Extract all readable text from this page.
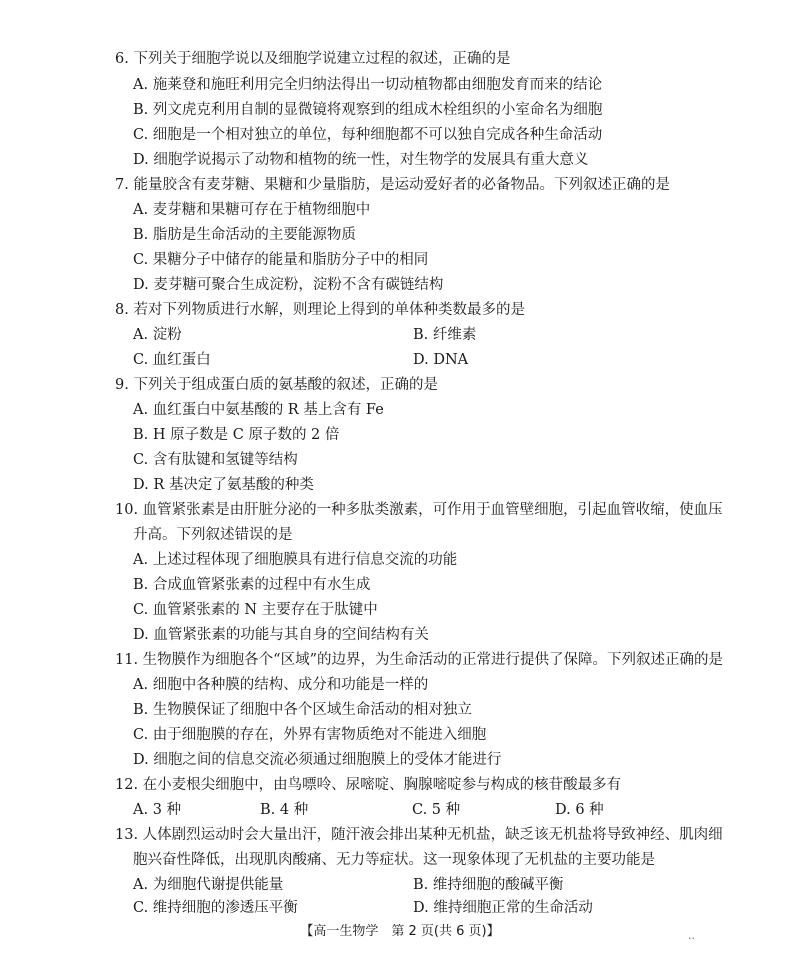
6. 下列关于细胞学说以及细胞学说建立过程的叙述，正确的是
A. 施莱登和施旺利用完全归纳法得出一切动植物都由细胞发育而来的结论
B. 列文虎克利用自制的显微镜将观察到的组成木栓组织的小室命名为细胞
C. 细胞是一个相对独立的单位，每种细胞都不可以独自完成各种生命活动
D. 细胞学说揭示了动物和植物的统一性，对生物学的发展具有重大意义
7. 能量胶含有麦芽糖、果糖和少量脂肪，是运动爱好者的必备物品。下列叙述正确的是
A. 麦芽糖和果糖可存在于植物细胞中
B. 脂肪是生命活动的主要能源物质
C. 果糖分子中储存的能量和脂肪分子中的相同
D. 麦芽糖可聚合生成淀粉，淀粉不含有碳链结构
8. 若对下列物质进行水解，则理论上得到的单体种类数最多的是
A. 淀粉	B. 纤维素
C. 血红蛋白	D. DNA
9. 下列关于组成蛋白质的氨基酸的叙述，正确的是
A. 血红蛋白中氨基酸的 R 基上含有 Fe
B. H 原子数是 C 原子数的 2 倍
C. 含有肽键和氢键等结构
D. R 基决定了氨基酸的种类
10. 血管紧张素是由肝脏分泌的一种多肽类激素，可作用于血管壁细胞，引起血管收缩，使血压
升高。下列叙述错误的是
A. 上述过程体现了细胞膜具有进行信息交流的功能
B. 合成血管紧张素的过程中有水生成
C. 血管紧张素的 N 主要存在于肽键中
D. 血管紧张素的功能与其自身的空间结构有关
11. 生物膜作为细胞各个“区域”的边界，为生命活动的正常进行提供了保障。下列叙述正确的是
A. 细胞中各种膜的结构、成分和功能是一样的
B. 生物膜保证了细胞中各个区域生命活动的相对独立
C. 由于细胞膜的存在，外界有害物质绝对不能进入细胞
D. 细胞之间的信息交流必须通过细胞膜上的受体才能进行
12. 在小麦根尖细胞中，由鸟嘌呤、尿嘧啶、胸腺嘧啶参与构成的核苷酸最多有
A. 3 种	B. 4 种	C. 5 种	D. 6 种
13. 人体剧烈运动时会大量出汗，随汗液会排出某种无机盐，缺乏该无机盐将导致神经、肌肉细
胞兴奋性降低，出现肌肉酸痛、无力等症状。这一现象体现了无机盐的主要功能是
A. 为细胞代谢提供能量	B. 维持细胞的酸碱平衡
C. 维持细胞的渗透压平衡	D. 维持细胞正常的生命活动
【高一生物学　第 2 页(共 6 页)】	..
